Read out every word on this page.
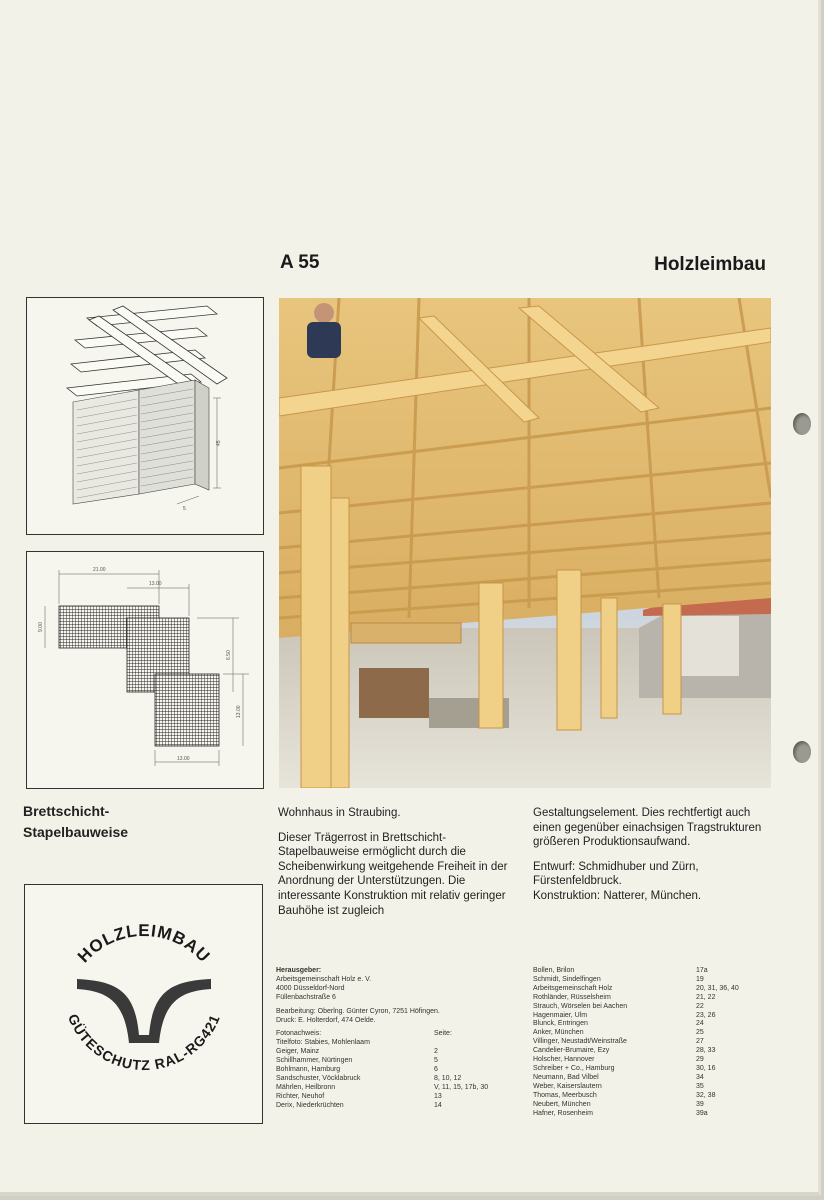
A 55	Holzleimbau
45
5
21.00
13.00
9.00
6.50
13.00
13.00
Brettschicht-
Stapelbauweise

Wohnhaus in Straubing.

Dieser Trägerrost in Brettschicht-Stapelbauweise ermöglicht durch die Scheibenwirkung weitgehende Freiheit in der Anordnung der Unterstützungen. Die interessante Konstruktion mit relativ geringer Bauhöhe ist zugleich

Gestaltungselement. Dies rechtfertigt auch einen gegenüber einachsigen Tragstrukturen größeren Produktionsaufwand.

Entwurf: Schmidhuber und Zürn, Fürstenfeldbruck.
Konstruktion: Natterer, München.
HOLZLEIMBAU
GÜTESCHUTZ RAL-RG421
Herausgeber:
Arbeitsgemeinschaft Holz e. V.
4000 Düsseldorf-Nord
Füllenbachstraße 6
Bearbeitung: Oberlng. Günter Cyron, 7251 Höfingen.
Druck: E. Holterdorf, 474 Oelde.
Fotonachweis:	Seite:
Titelfoto: Stabies, Mohlenlaam
Geiger, Mainz	2
Schillhammer, Nürtingen	5
Bohlmann, Hamburg	6
Sandschuster, Vöcklabruck	8, 10, 12
Mährlen, Heilbronn	V, 11, 15, 17b, 30
Richter, Neuhof	13
Derix, Niederkrüchten	14
Bollen, Brilon	17a
Schmidt, Sindelfingen	19
Arbeitsgemeinschaft Holz	20, 31, 36, 40
Rothländer, Rüsselsheim	21, 22
Strauch, Wörselen bei Aachen	22
Hagenmaier, Ulm	23, 26
Blunck, Entringen	24
Anker, München	25
Villinger, Neustadt/Weinstraße	27
Candelier-Brumaire, Ezy	28, 33
Holscher, Hannover	29
Schreiber + Co., Hamburg	30, 16
Neumann, Bad Vilbel	34
Weber, Kaiserslautern	35
Thomas, Meerbusch	32, 38
Neubert, München	39
Hafner, Rosenheim	39a
